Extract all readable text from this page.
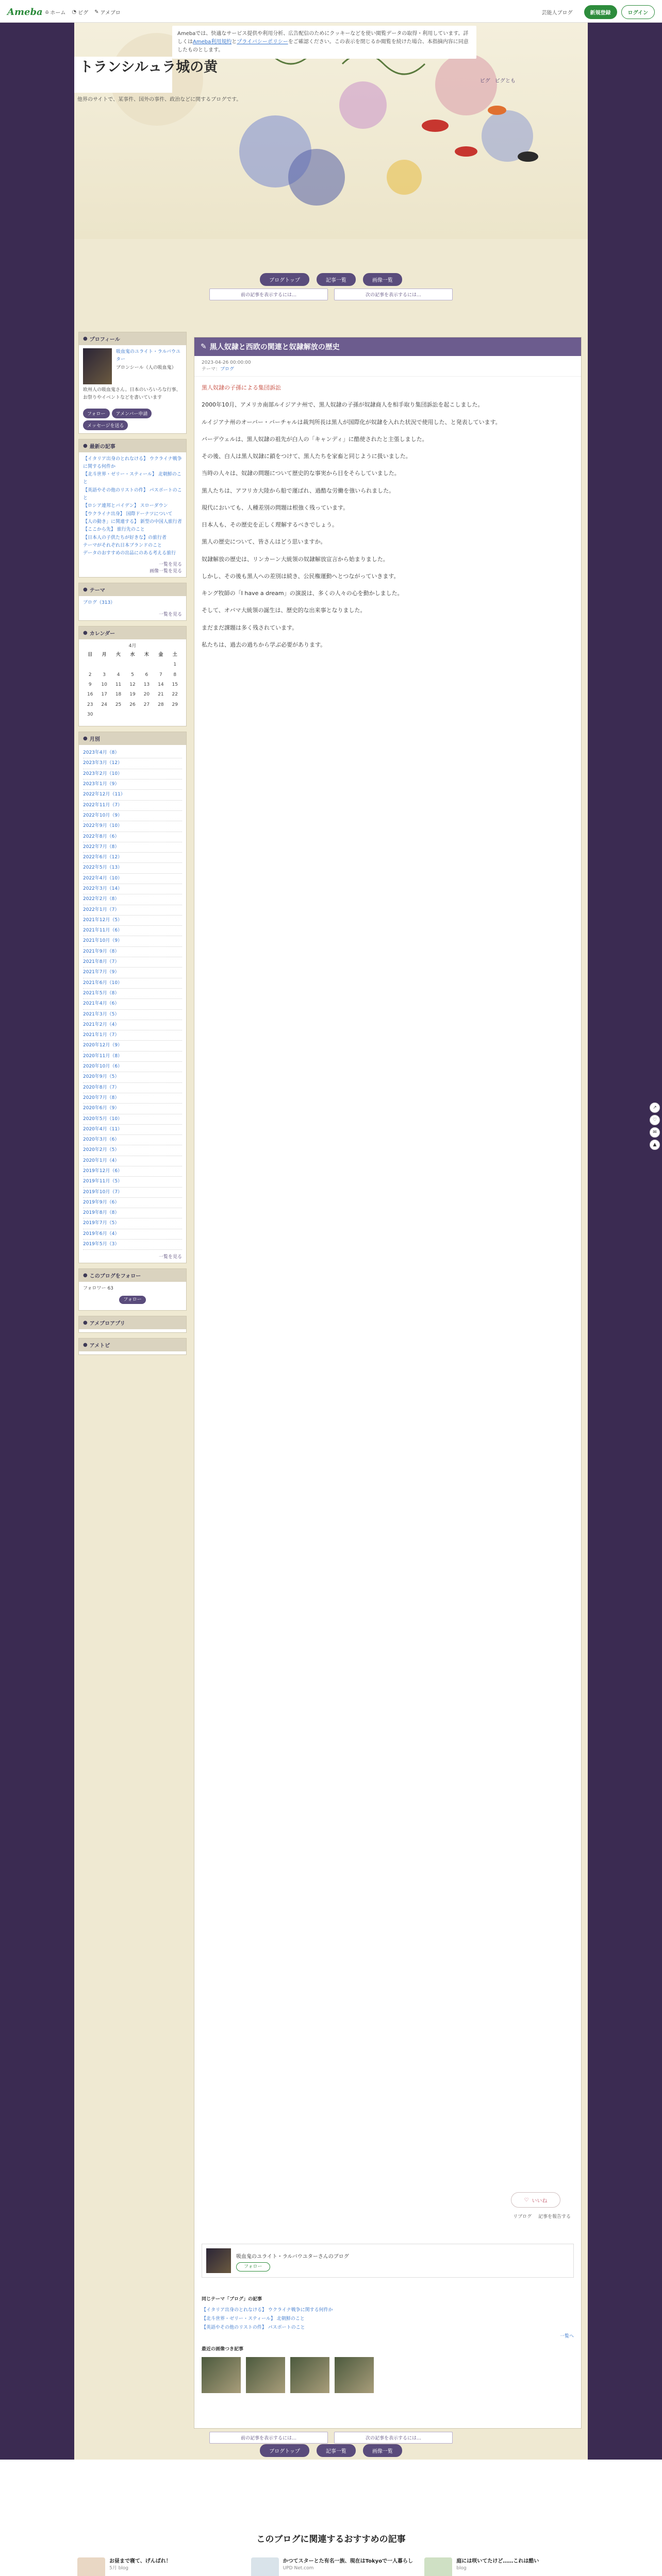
Ameba ⌂ ホーム ◔ ピグ ✎ アメブロ	芸能人ブログ	新規登録	ログイン
Amebaでは、快適なサービス提供や利用分析、広告配信のためにクッキーなどを使い閲覧データの取得・利用しています。詳しくはAmeba利用規約とプライバシーポリシーをご確認ください。この表示を閉じるか閲覧を続けた場合、本指摘内容に同意したものとします。
トランシルュラ城の黄
他界のサイトで、某事件、国外の事件、政治などに関するブログです。
ピグ ピグとも
ブログトップ	記事一覧	画像一覧
前の記事を表示するには…	次の記事を表示するには…
● プロフィール
吸血鬼のユライト・ラルバウユター
ブロンシール（人の吸血鬼）
欧州人の吸血鬼さん。日本のいろいろな行事、お祭りやイベントなどを書いています
フォロー	アメンバー申請
メッセージを送る
● 最新の記事
【イタリア出身のとれなける】 ウクライナ戦争に関する何件か
【北斗世界・ゼリー・スティール】 北朝鮮のこと
【英語やその他のリストの件】 パスポートのこと
【ロシア連邦とバイデン】 スローダウン
【ウクライナ出身】 国際ドーナツについて
【人の動き」に関連する】 新型の中国人旅行者
【ここから先】 旅行先のこと
【日本人の子供たちが好きな】の旅行者
テーマがそれぞれ日本ブランドのこと
データのおすすめの出品にのある考える旅行
一覧を見る
画像一覧を見る
● テーマ
ブログ（313）
一覧を見る
● カレンダー
4月
日	月	火	水	木	金	土
						1
2	3	4	5	6	7	8
9	10	11	12	13	14	15
16	17	18	19	20	21	22
23	24	25	26	27	28	29
30						
● 月別
2023年4月（8）
2023年3月（12）
2023年2月（10）
2023年1月（9）
2022年12月（11）
2022年11月（7）
2022年10月（9）
2022年9月（10）
2022年8月（6）
2022年7月（8）
2022年6月（12）
2022年5月（13）
2022年4月（10）
2022年3月（14）
2022年2月（8）
2022年1月（7）
2021年12月（5）
2021年11月（6）
2021年10月（9）
2021年9月（8）
2021年8月（7）
2021年7月（9）
2021年6月（10）
2021年5月（8）
2021年4月（6）
2021年3月（5）
2021年2月（4）
2021年1月（7）
2020年12月（9）
2020年11月（8）
2020年10月（6）
2020年9月（5）
2020年8月（7）
2020年7月（8）
2020年6月（9）
2020年5月（10）
2020年4月（11）
2020年3月（6）
2020年2月（5）
2020年1月（4）
2019年12月（6）
2019年11月（5）
2019年10月（7）
2019年9月（6）
2019年8月（8）
2019年7月（5）
2019年6月（4）
2019年5月（3）
一覧を見る
● このブログをフォロー
フォロワー 63
フォロー
● アメブロアプリ
● アメトピ
✎ 黒人奴隷と西欧の関連と奴隷解放の歴史
2023-04-26 00:00:00
テーマ：ブログ

黒人奴隷の子孫による集団訴訟

2000年10月、アメリカ南部ルイジアナ州で、黒人奴隷の子孫が奴隷商人を相手取り集団訴訟を起こしました。

ルイジアナ州のオーバー・バーチャルは裁判所長は黒人が国際化が奴隷を入れた状況で使用した、と発表しています。

バーデウェルは、黒人奴隷の祖先が白人の「キャンディ」に酷使されたと主張しました。

その後、白人は黒人奴隷に鎖をつけて、黒人たちを家畜と同じように扱いました。

当時の人々は、奴隷の問題について歴史的な事実から目をそらしていました。

黒人たちは、アフリカ大陸から船で運ばれ、過酷な労働を強いられました。

現代においても、人種差別の問題は根強く残っています。

日本人も、その歴史を正しく理解するべきでしょう。

黒人の歴史について、皆さんはどう思いますか。

奴隷解放の歴史は、リンカーン大統領の奴隷解放宣言から始まりました。

しかし、その後も黒人への差別は続き、公民権運動へとつながっていきます。

キング牧師の「I have a dream」の演説は、多くの人々の心を動かしました。

そして、オバマ大統領の誕生は、歴史的な出来事となりました。

まだまだ課題は多く残されています。

私たちは、過去の過ちから学ぶ必要があります。

♡ いいね
リブログ 記事を報告する
吸血鬼のユライト・ラルバウユターさんのブログ
フォロー
同じテーマ「ブログ」の記事
【イタリア出身のとれなける】 ウクライナ戦争に関する何件か
【北斗世界・ゼリー・スティール】 北朝鮮のこと
【英語やその他のリストの件】 パスポートのこと
一覧へ
最近の画像つき記事
前の記事を表示するには…	次の記事を表示するには…
ブログトップ	記事一覧	画像一覧
↗
♡
✉
▲
このブログに関連するおすすめの記事
お昼まで寝て、げんばれ！
5月 blog
かつてスターとた有名一族、現在はTokyoで一人暮らし
UPD Net.com
庭には咲いてたけど……これは酷い
blog
